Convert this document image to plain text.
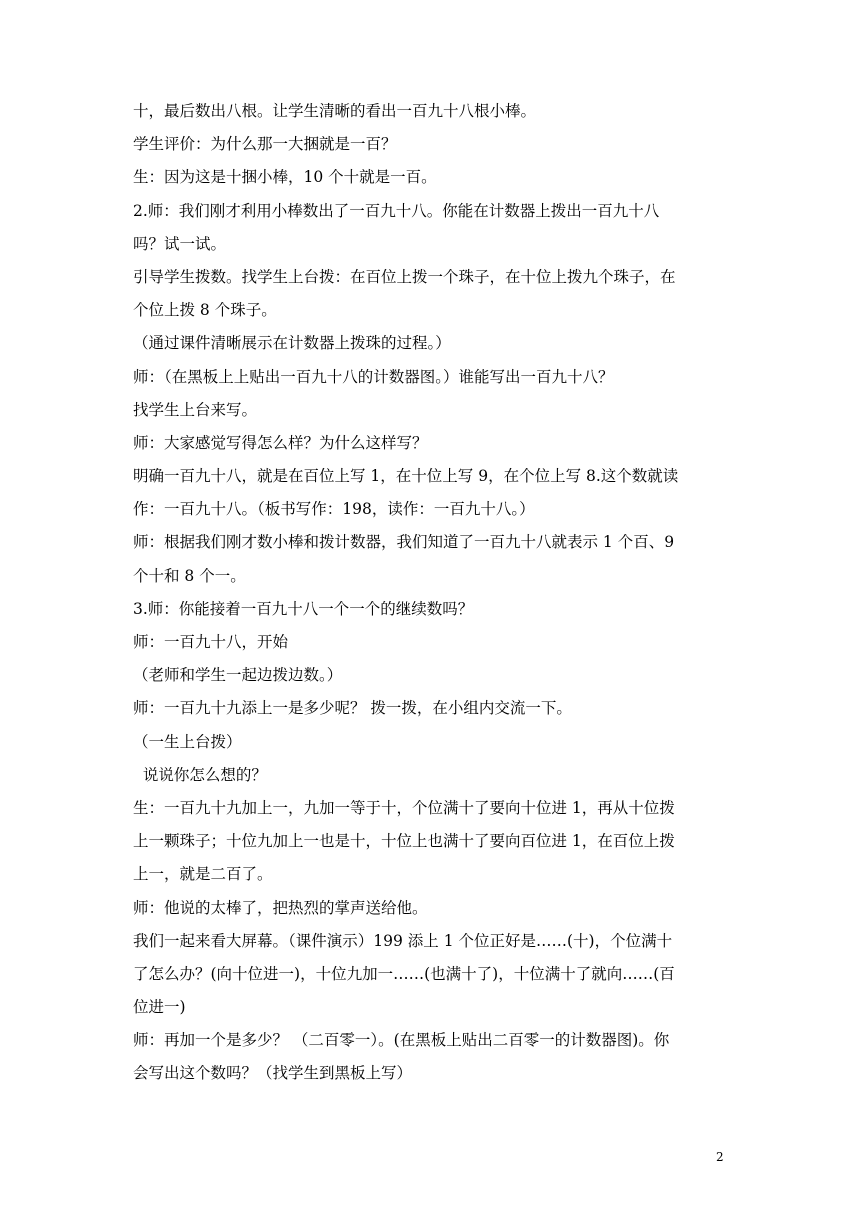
十，最后数出八根。让学生清晰的看出一百九十八根小棒。
学生评价：为什么那一大捆就是一百？
生：因为这是十捆小棒，10 个十就是一百。
2.师：我们刚才利用小棒数出了一百九十八。你能在计数器上拨出一百九十八
吗？试一试。
引导学生拨数。找学生上台拨：在百位上拨一个珠子，在十位上拨九个珠子，在
个位上拨 8 个珠子。
（通过课件清晰展示在计数器上拨珠的过程。）
师：（在黑板上上贴出一百九十八的计数器图。）谁能写出一百九十八？
找学生上台来写。
师：大家感觉写得怎么样？为什么这样写？
明确一百九十八，就是在百位上写 1，在十位上写 9，在个位上写 8.这个数就读
作：一百九十八。（板书写作：198，读作：一百九十八。）
师：根据我们刚才数小棒和拨计数器，我们知道了一百九十八就表示 1 个百、9
个十和 8 个一。
3.师：你能接着一百九十八一个一个的继续数吗？
师：一百九十八，开始
（老师和学生一起边拨边数。）
师：一百九十九添上一是多少呢？ 拨一拨，在小组内交流一下。
（一生上台拨）
说说你怎么想的？
生：一百九十九加上一，九加一等于十，个位满十了要向十位进 1，再从十位拨
上一颗珠子；十位九加上一也是十，十位上也满十了要向百位进 1，在百位上拨
上一，就是二百了。
师：他说的太棒了，把热烈的掌声送给他。
我们一起来看大屏幕。（课件演示）199 添上 1 个位正好是……(十)，个位满十
了怎么办？(向十位进一)，十位九加一……(也满十了)，十位满十了就向……(百
位进一)
师：再加一个是多少？ （二百零一）。(在黑板上贴出二百零一的计数器图)。你
会写出这个数吗？（找学生到黑板上写）
2
